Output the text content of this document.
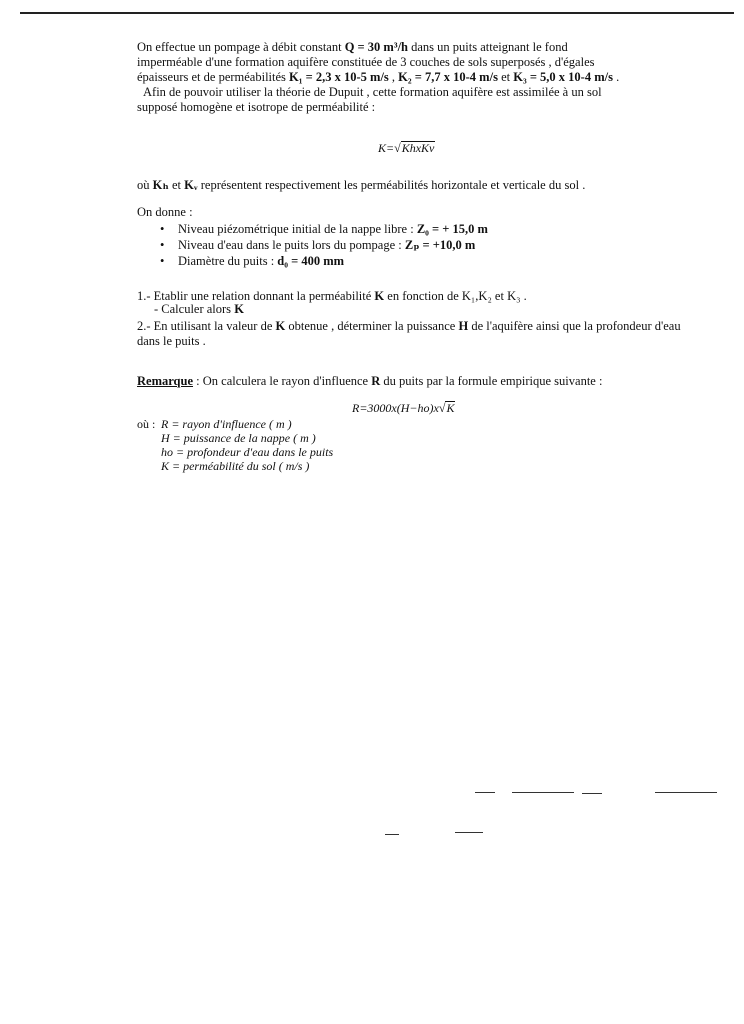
On effectue un pompage à débit constant Q = 30 m³/h dans un puits atteignant le fond
imperméable d'une formation aquifère constituée de 3 couches de sols superposés , d'égales
épaisseurs et de perméabilités K₁ = 2,3 x 10-5 m/s , K₂ = 7,7 x 10-4 m/s et K₃ = 5,0 x 10-4 m/s .
Afin de pouvoir utiliser la théorie de Dupuit , cette formation aquifère est assimilée à un sol
supposé homogène et isotrope de perméabilité :
K=√KhxKv
où Kₕ et Kᵥ représentent respectivement les perméabilités horizontale et verticale du sol .
On donne :
• Niveau piézométrique initial de la nappe libre : Z₀ = + 15,0 m
• Niveau d'eau dans le puits lors du pompage : Zₚ = +10,0 m
• Diamètre du puits : d₀ = 400 mm
1.- Etablir une relation donnant la perméabilité K en fonction de K₁,K₂ et K₃ .
- Calculer alors K
2.- En utilisant la valeur de K obtenue , déterminer la puissance H de l'aquifère ainsi que la profondeur d'eau dans le puits .
Remarque : On calculera le rayon d'influence R du puits par la formule empirique suivante :
R=3000x(H−ho)x√K
où : R = rayon d'influence ( m )
H = puissance de la nappe ( m )
ho = profondeur d'eau dans le puits
K = perméabilité du sol ( m/s )
